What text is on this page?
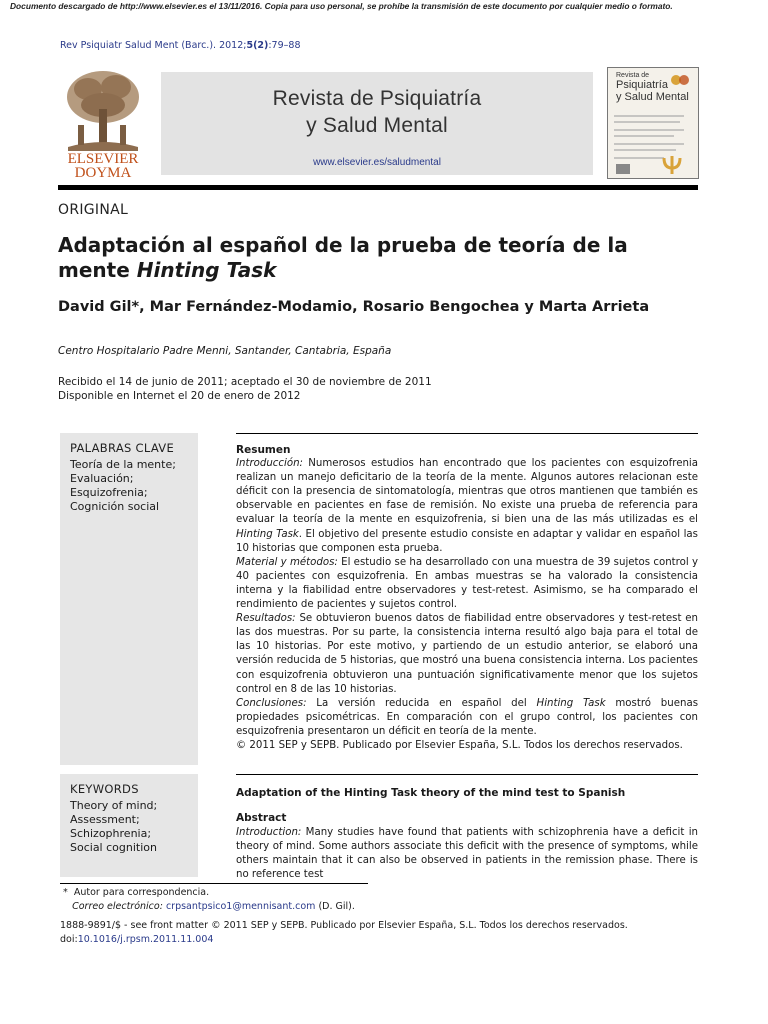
Documento descargado de http://www.elsevier.es el 13/11/2016. Copia para uso personal, se prohíbe la transmisión de este documento por cualquier medio o formato.
Rev Psiquiatr Salud Ment (Barc.). 2012;5(2):79–88
ELSEVIER
DOYMA
Revista de Psiquiatría
y Salud Mental
www.elsevier.es/saludmental
Revista de
Psiquiatría
y Salud Mental
ORIGINAL
Adaptación al español de la prueba de teoría de la mente Hinting Task
David Gil*, Mar Fernández-Modamio, Rosario Bengochea y Marta Arrieta
Centro Hospitalario Padre Menni, Santander, Cantabria, España
Recibido el 14 de junio de 2011; aceptado el 30 de noviembre de 2011
Disponible en Internet el 20 de enero de 2012
PALABRAS CLAVE
Teoría de la mente;
Evaluación;
Esquizofrenia;
Cognición social

Resumen

Introducción: Numerosos estudios han encontrado que los pacientes con esquizofrenia realizan un manejo deficitario de la teoría de la mente. Algunos autores relacionan este déficit con la presencia de sintomatología, mientras que otros mantienen que también es observable en pacientes en fase de remisión. No existe una prueba de referencia para evaluar la teoría de la mente en esquizofrenia, si bien una de las más utilizadas es el Hinting Task. El objetivo del presente estudio consiste en adaptar y validar en español las 10 historias que componen esta prueba.

Material y métodos: El estudio se ha desarrollado con una muestra de 39 sujetos control y 40 pacientes con esquizofrenia. En ambas muestras se ha valorado la consistencia interna y la fiabilidad entre observadores y test-retest. Asimismo, se ha comparado el rendimiento de pacientes y sujetos control.

Resultados: Se obtuvieron buenos datos de fiabilidad entre observadores y test-retest en las dos muestras. Por su parte, la consistencia interna resultó algo baja para el total de las 10 historias. Por este motivo, y partiendo de un estudio anterior, se elaboró una versión reducida de 5 historias, que mostró una buena consistencia interna. Los pacientes con esquizofrenia obtuvieron una puntuación significativamente menor que los sujetos control en 8 de las 10 historias.

Conclusiones: La versión reducida en español del Hinting Task mostró buenas propiedades psicométricas. En comparación con el grupo control, los pacientes con esquizofrenia presentaron un déficit en teoría de la mente.

© 2011 SEP y SEPB. Publicado por Elsevier España, S.L. Todos los derechos reservados.

KEYWORDS
Theory of mind;
Assessment;
Schizophrenia;
Social cognition
Adaptation of the Hinting Task theory of the mind test to Spanish
Abstract

Introduction: Many studies have found that patients with schizophrenia have a deficit in theory of mind. Some authors associate this deficit with the presence of symptoms, while others maintain that it can also be observed in patients in the remission phase. There is no reference test

* Autor para correspondencia.
Correo electrónico: crpsantpsico1@mennisant.com (D. Gil).
1888-9891/$ - see front matter © 2011 SEP y SEPB. Publicado por Elsevier España, S.L. Todos los derechos reservados.
doi:10.1016/j.rpsm.2011.11.004
